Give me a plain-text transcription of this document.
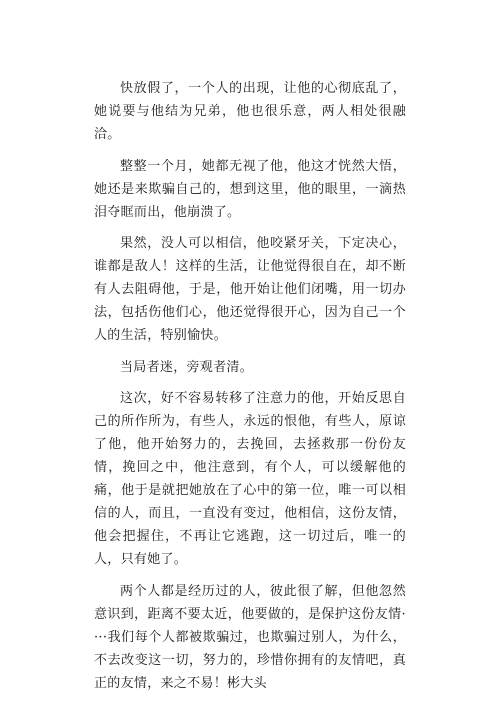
快放假了，一个人的出现，让他的心彻底乱了，她说要与他结为兄弟，他也很乐意，两人相处很融洽。

整整一个月，她都无视了他，他这才恍然大悟，她还是来欺骗自己的，想到这里，他的眼里，一滴热泪夺眶而出，他崩溃了。

果然，没人可以相信，他咬紧牙关，下定决心，谁都是敌人！这样的生活，让他觉得很自在，却不断有人去阻碍他，于是，他开始让他们闭嘴，用一切办法，包括伤他们心，他还觉得很开心，因为自己一个人的生活，特别愉快。

当局者迷，旁观者清。

这次，好不容易转移了注意力的他，开始反思自己的所作所为，有些人，永远的恨他，有些人，原谅了他，他开始努力的，去挽回，去拯救那一份份友情，挽回之中，他注意到，有个人，可以缓解他的痛，他于是就把她放在了心中的第一位，唯一可以相信的人，而且，一直没有变过，他相信，这份友情，他会把握住，不再让它逃跑，这一切过后，唯一的人，只有她了。

两个人都是经历过的人，彼此很了解，但他忽然意识到，距离不要太近，他要做的，是保护这份友情····我们每个人都被欺骗过，也欺骗过别人，为什么，不去改变这一切，努力的，珍惜你拥有的友情吧，真正的友情，来之不易！彬大头
